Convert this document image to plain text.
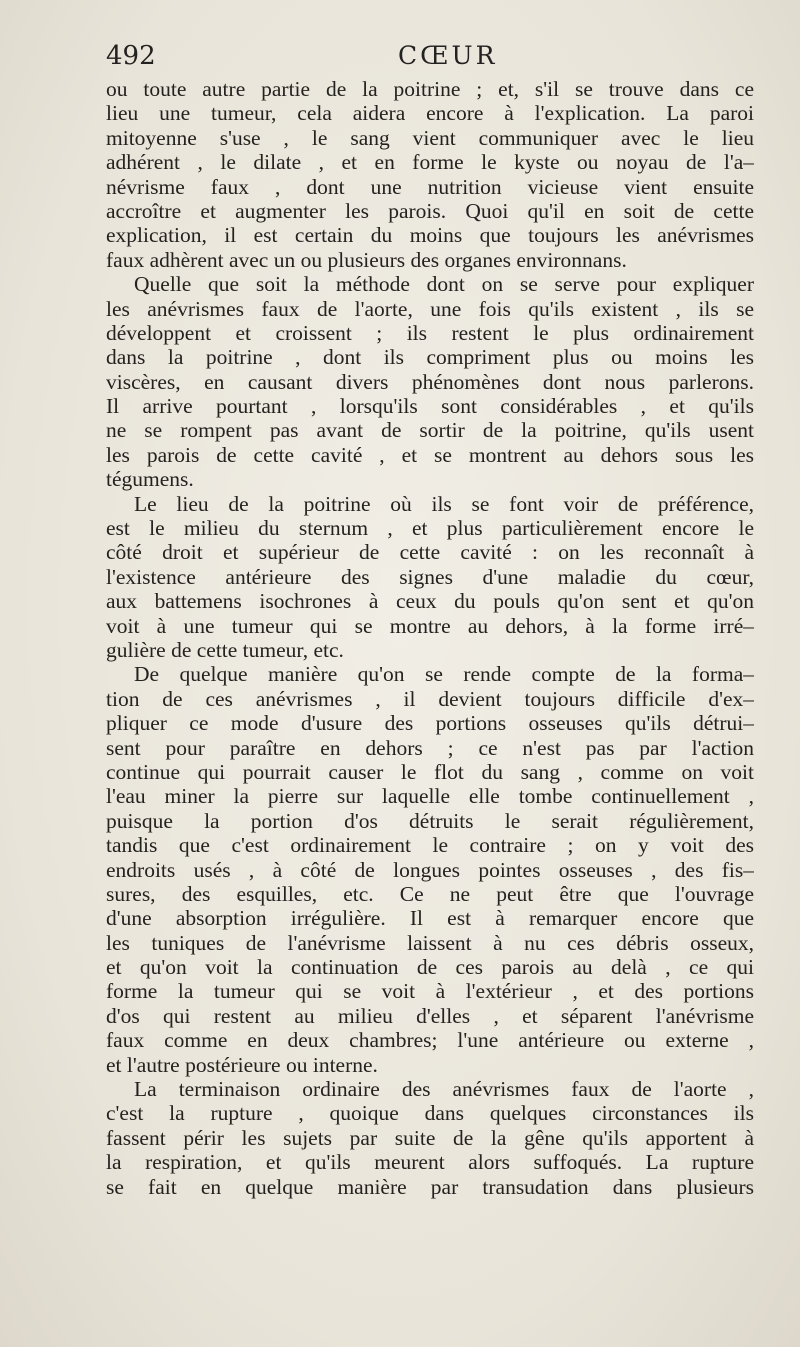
492	CŒUR
ou toute autre partie de la poitrine ; et, s'il se trouve dans ce
lieu une tumeur, cela aidera encore à l'explication. La paroi
mitoyenne s'use , le sang vient communiquer avec le lieu
adhérent , le dilate , et en forme le kyste ou noyau de l'a–
névrisme faux , dont une nutrition vicieuse vient ensuite
accroître et augmenter les parois. Quoi qu'il en soit de cette
explication, il est certain du moins que toujours les anévrismes
faux adhèrent avec un ou plusieurs des organes environnans.
Quelle que soit la méthode dont on se serve pour expliquer
les anévrismes faux de l'aorte, une fois qu'ils existent , ils se
développent et croissent ; ils restent le plus ordinairement
dans la poitrine , dont ils compriment plus ou moins les
viscères, en causant divers phénomènes dont nous parlerons.
Il arrive pourtant , lorsqu'ils sont considérables , et qu'ils
ne se rompent pas avant de sortir de la poitrine, qu'ils usent
les parois de cette cavité , et se montrent au dehors sous les
tégumens.
Le lieu de la poitrine où ils se font voir de préférence,
est le milieu du sternum , et plus particulièrement encore le
côté droit et supérieur de cette cavité : on les reconnaît à
l'existence antérieure des signes d'une maladie du cœur,
aux battemens isochrones à ceux du pouls qu'on sent et qu'on
voit à une tumeur qui se montre au dehors, à la forme irré–
gulière de cette tumeur, etc.
De quelque manière qu'on se rende compte de la forma–
tion de ces anévrismes , il devient toujours difficile d'ex–
pliquer ce mode d'usure des portions osseuses qu'ils détrui–
sent pour paraître en dehors ; ce n'est pas par l'action
continue qui pourrait causer le flot du sang , comme on voit
l'eau miner la pierre sur laquelle elle tombe continuellement ,
puisque la portion d'os détruits le serait régulièrement,
tandis que c'est ordinairement le contraire ; on y voit des
endroits usés , à côté de longues pointes osseuses , des fis–
sures, des esquilles, etc. Ce ne peut être que l'ouvrage
d'une absorption irrégulière. Il est à remarquer encore que
les tuniques de l'anévrisme laissent à nu ces débris osseux,
et qu'on voit la continuation de ces parois au delà , ce qui
forme la tumeur qui se voit à l'extérieur , et des portions
d'os qui restent au milieu d'elles , et séparent l'anévrisme
faux comme en deux chambres; l'une antérieure ou externe ,
et l'autre postérieure ou interne.
La terminaison ordinaire des anévrismes faux de l'aorte ,
c'est la rupture , quoique dans quelques circonstances ils
fassent périr les sujets par suite de la gêne qu'ils apportent à
la respiration, et qu'ils meurent alors suffoqués. La rupture
se fait en quelque manière par transudation dans plusieurs
